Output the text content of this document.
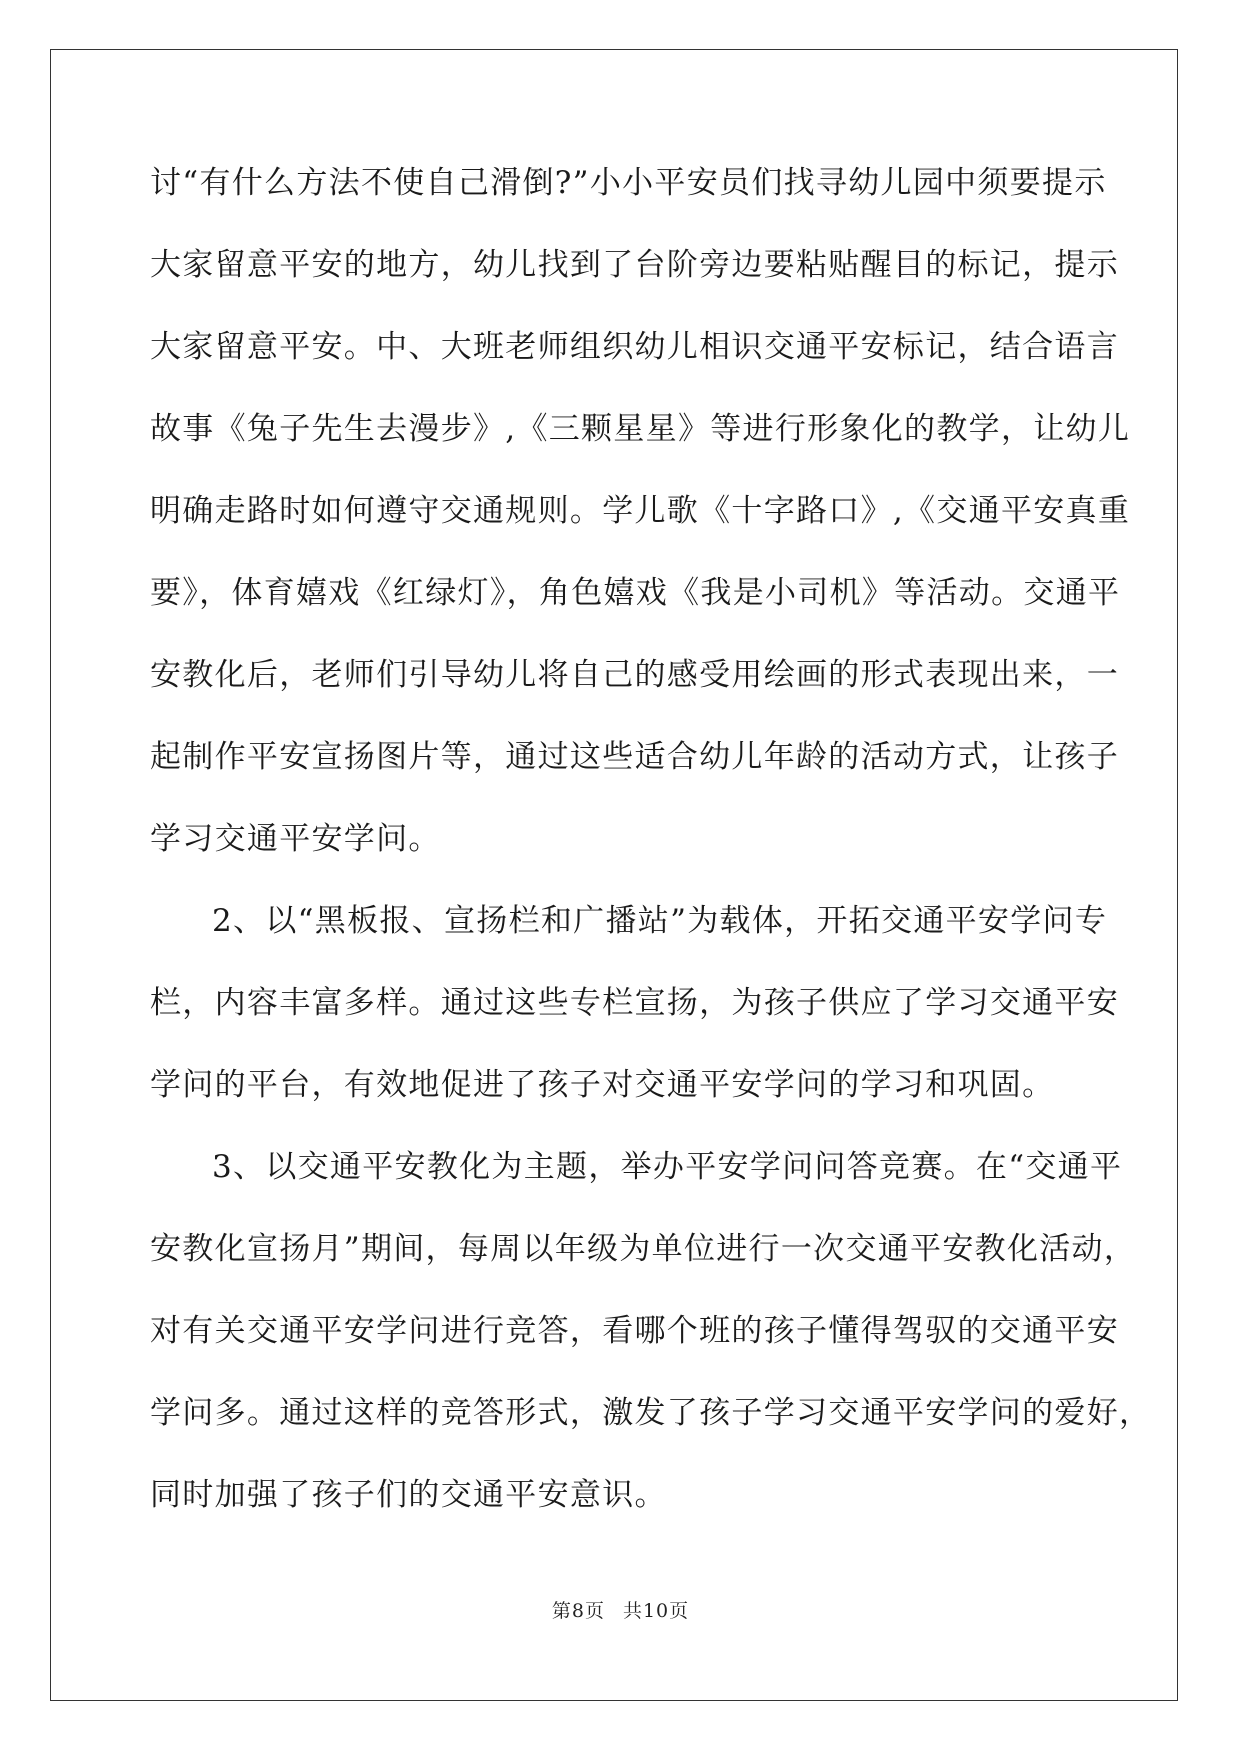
讨“有什么方法不使自己滑倒?”小小平安员们找寻幼儿园中须要提示
大家留意平安的地方，幼儿找到了台阶旁边要粘贴醒目的标记，提示
大家留意平安。中、大班老师组织幼儿相识交通平安标记，结合语言
故事《兔子先生去漫步》,《三颗星星》等进行形象化的教学，让幼儿
明确走路时如何遵守交通规则。学儿歌《十字路口》,《交通平安真重
要》，体育嬉戏《红绿灯》，角色嬉戏《我是小司机》等活动。交通平
安教化后，老师们引导幼儿将自己的感受用绘画的形式表现出来，一
起制作平安宣扬图片等，通过这些适合幼儿年龄的活动方式，让孩子
学习交通平安学问。
2、以“黑板报、宣扬栏和广播站”为载体，开拓交通平安学问专
栏，内容丰富多样。通过这些专栏宣扬，为孩子供应了学习交通平安
学问的平台，有效地促进了孩子对交通平安学问的学习和巩固。
3、以交通平安教化为主题，举办平安学问问答竞赛。在“交通平
安教化宣扬月”期间，每周以年级为单位进行一次交通平安教化活动，
对有关交通平安学问进行竞答，看哪个班的孩子懂得驾驭的交通平安
学问多。通过这样的竞答形式，激发了孩子学习交通平安学问的爱好，
同时加强了孩子们的交通平安意识。
第8页 共10页
